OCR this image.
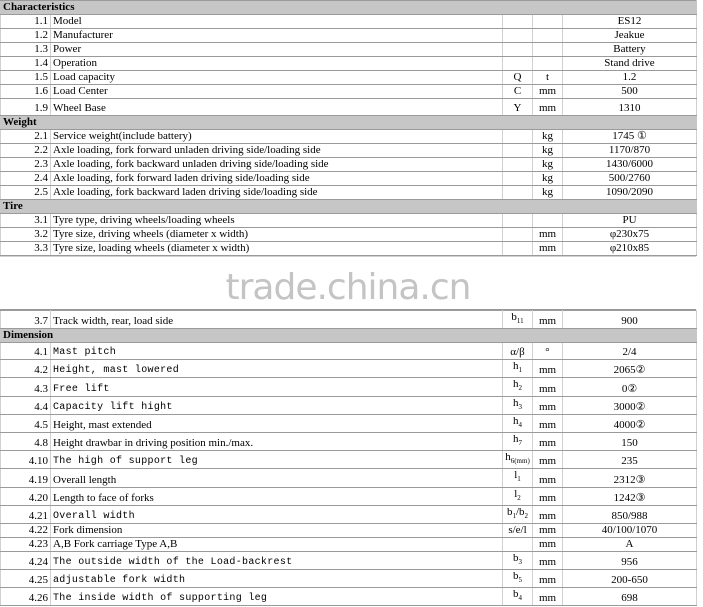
Characteristics				
1.1	Model			ES12
1.2	Manufacturer			Jeakue
1.3	Power			Battery
1.4	Operation			Stand drive
1.5	Load capacity	Q	t	1.2
1.6	Load Center	C	mm	500
1.9	Wheel Base	Y	mm	1310
Weight				
2.1	Service weight(include battery)		kg	1745 ①
2.2	Axle loading, fork forward unladen driving side/loading side		kg	1170/870
2.3	Axle loading, fork backward unladen driving side/loading side		kg	1430/6000
2.4	Axle loading, fork forward laden driving side/loading side		kg	500/2760
2.5	Axle loading, fork backward laden driving side/loading side		kg	1090/2090
Tire				
3.1	Tyre type, driving wheels/loading wheels			PU
3.2	Tyre size, driving wheels (diameter x width)		mm	φ230x75
3.3	Tyre size, loading wheels (diameter x width)		mm	φ210x85
trade.china.cn
3.7	Track width, rear, load side	$b_{11}$	mm	900
Dimension				
4.1	Mast pitch	α/β	°	2/4
4.2	Height, mast lowered	$h_1$	mm	2065②
4.3	Free lift	$h_2$	mm	0②
4.4	Capacity lift hight	$h_3$	mm	3000②
4.5	Height, mast extended	$h_4$	mm	4000②
4.8	Height drawbar in driving position min./max.	$h_7$	mm	150
4.10	The high of support leg	$h_{6(mm)}$	mm	235
4.19	Overall length	$l_1$	mm	2312③
4.20	Length to face of forks	$l_2$	mm	1242③
4.21	Overall width	$b_1/b_2$	mm	850/988
4.22	Fork dimension	s/e/l	mm	40/100/1070
4.23	A,B Fork carriage Type A,B		mm	A
4.24	The outside width of the Load-backrest	$b_3$	mm	956
4.25	adjustable fork width	$b_5$	mm	200-650
4.26	The inside width of supporting leg	$b_4$	mm	698
